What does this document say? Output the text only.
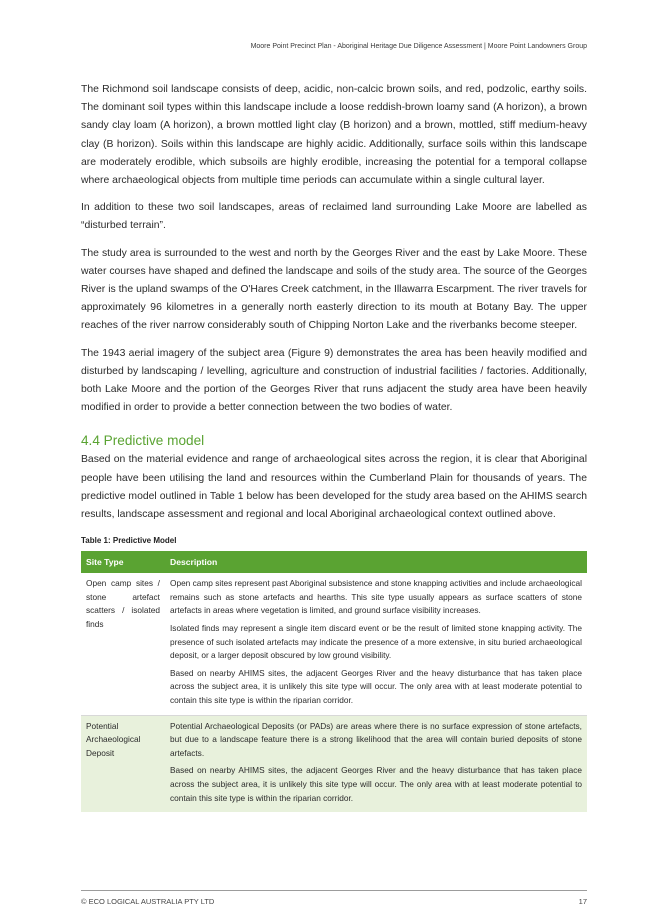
Moore Point Precinct Plan - Aboriginal Heritage Due Diligence Assessment | Moore Point Landowners Group

The Richmond soil landscape consists of deep, acidic, non-calcic brown soils, and red, podzolic, earthy soils. The dominant soil types within this landscape include a loose reddish-brown loamy sand (A horizon), a brown sandy clay loam (A horizon), a brown mottled light clay (B horizon) and a brown, mottled, stiff medium-heavy clay (B horizon). Soils within this landscape are highly acidic. Additionally, surface soils within this landscape are moderately erodible, which subsoils are highly erodible, increasing the potential for a temporal collapse where archaeological objects from multiple time periods can accumulate within a single cultural layer.

In addition to these two soil landscapes, areas of reclaimed land surrounding Lake Moore are labelled as “disturbed terrain”.

The study area is surrounded to the west and north by the Georges River and the east by Lake Moore. These water courses have shaped and defined the landscape and soils of the study area. The source of the Georges River is the upland swamps of the O'Hares Creek catchment, in the Illawarra Escarpment. The river travels for approximately 96 kilometres in a generally north easterly direction to its mouth at Botany Bay. The upper reaches of the river narrow considerably south of Chipping Norton Lake and the riverbanks become steeper.

The 1943 aerial imagery of the subject area (Figure 9) demonstrates the area has been heavily modified and disturbed by landscaping / levelling, agriculture and construction of industrial facilities / factories. Additionally, both Lake Moore and the portion of the Georges River that runs adjacent the study area have been heavily modified in order to provide a better connection between the two bodies of water.

4.4 Predictive model

Based on the material evidence and range of archaeological sites across the region, it is clear that Aboriginal people have been utilising the land and resources within the Cumberland Plain for thousands of years. The predictive model outlined in Table 1 below has been developed for the study area based on the AHIMS search results, landscape assessment and regional and local Aboriginal archaeological context outlined above.

Table 1: Predictive Model
Site Type	Description
Open camp sites / stone artefact scatters / isolated finds	Open camp sites represent past Aboriginal subsistence and stone knapping activities and include archaeological remains such as stone artefacts and hearths. This site type usually appears as surface scatters of stone artefacts in areas where vegetation is limited, and ground surface visibility increases.

Isolated finds may represent a single item discard event or be the result of limited stone knapping activity. The presence of such isolated artefacts may indicate the presence of a more extensive, in situ buried archaeological deposit, or a larger deposit obscured by low ground visibility.

Based on nearby AHIMS sites, the adjacent Georges River and the heavy disturbance that has taken place across the subject area, it is unlikely this site type will occur. The only area with at least moderate potential to contain this site type is within the riparian corridor.

Potential Archaeological Deposit	Potential Archaeological Deposits (or PADs) are areas where there is no surface expression of stone artefacts, but due to a landscape feature there is a strong likelihood that the area will contain buried deposits of stone artefacts.

Based on nearby AHIMS sites, the adjacent Georges River and the heavy disturbance that has taken place across the subject area, it is unlikely this site type will occur. The only area with at least moderate potential to contain this site type is within the riparian corridor.

© ECO LOGICAL AUSTRALIA PTY LTD	17
